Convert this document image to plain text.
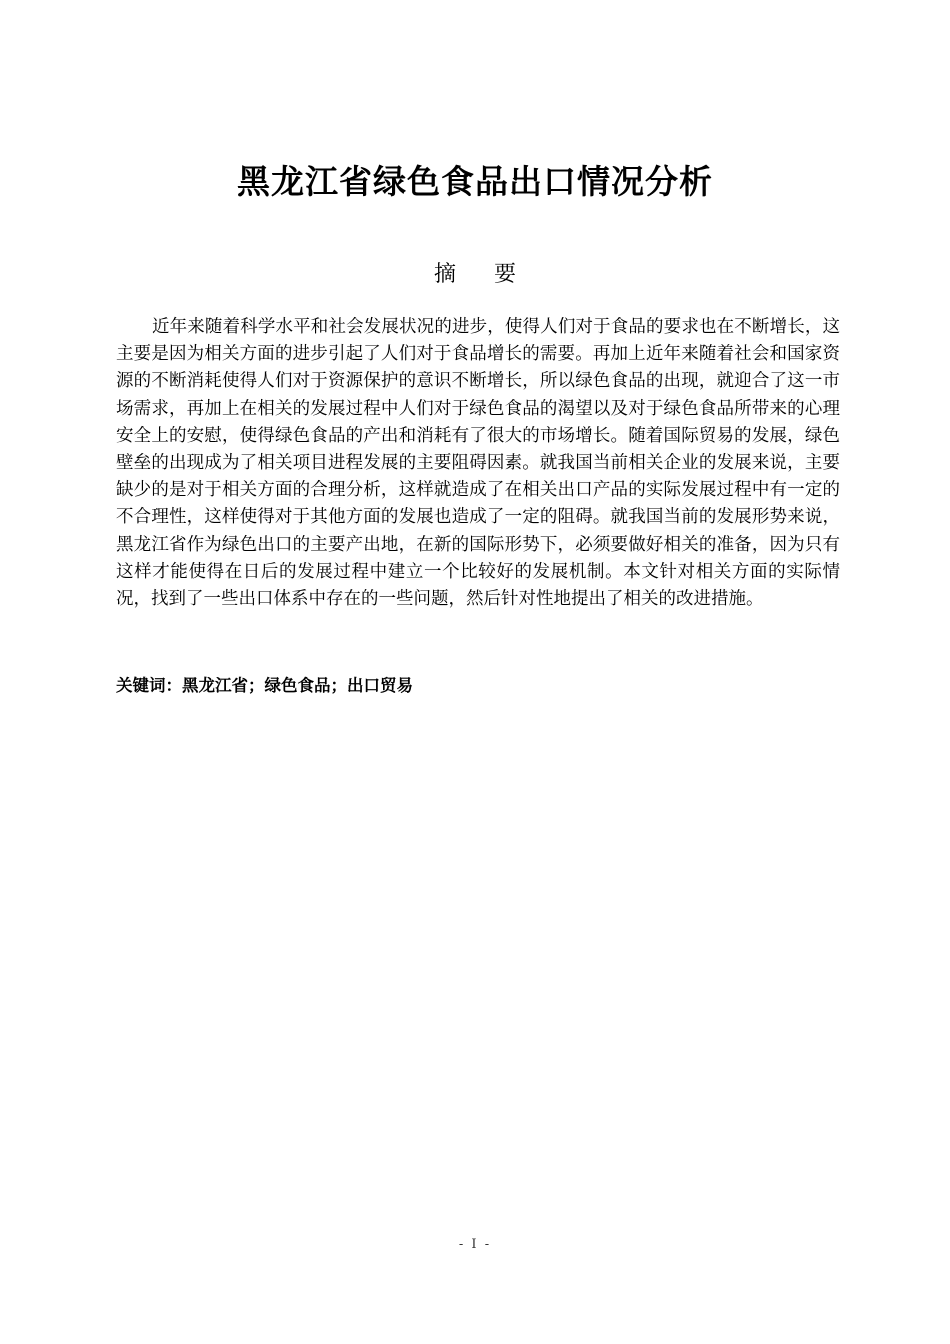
黑龙江省绿色食品出口情况分析
摘要

近年来随着科学水平和社会发展状况的进步，使得人们对于食品的要求也在不断增长，这主要是因为相关方面的进步引起了人们对于食品增长的需要。再加上近年来随着社会和国家资源的不断消耗使得人们对于资源保护的意识不断增长，所以绿色食品的出现，就迎合了这一市场需求，再加上在相关的发展过程中人们对于绿色食品的渴望以及对于绿色食品所带来的心理安全上的安慰，使得绿色食品的产出和消耗有了很大的市场增长。随着国际贸易的发展，绿色壁垒的出现成为了相关项目进程发展的主要阻碍因素。就我国当前相关企业的发展来说，主要缺少的是对于相关方面的合理分析，这样就造成了在相关出口产品的实际发展过程中有一定的不合理性，这样使得对于其他方面的发展也造成了一定的阻碍。就我国当前的发展形势来说，黑龙江省作为绿色出口的主要产出地，在新的国际形势下，必须要做好相关的准备，因为只有这样才能使得在日后的发展过程中建立一个比较好的发展机制。本文针对相关方面的实际情况，找到了一些出口体系中存在的一些问题，然后针对性地提出了相关的改进措施。

关键词：黑龙江省；绿色食品；出口贸易
- I -
